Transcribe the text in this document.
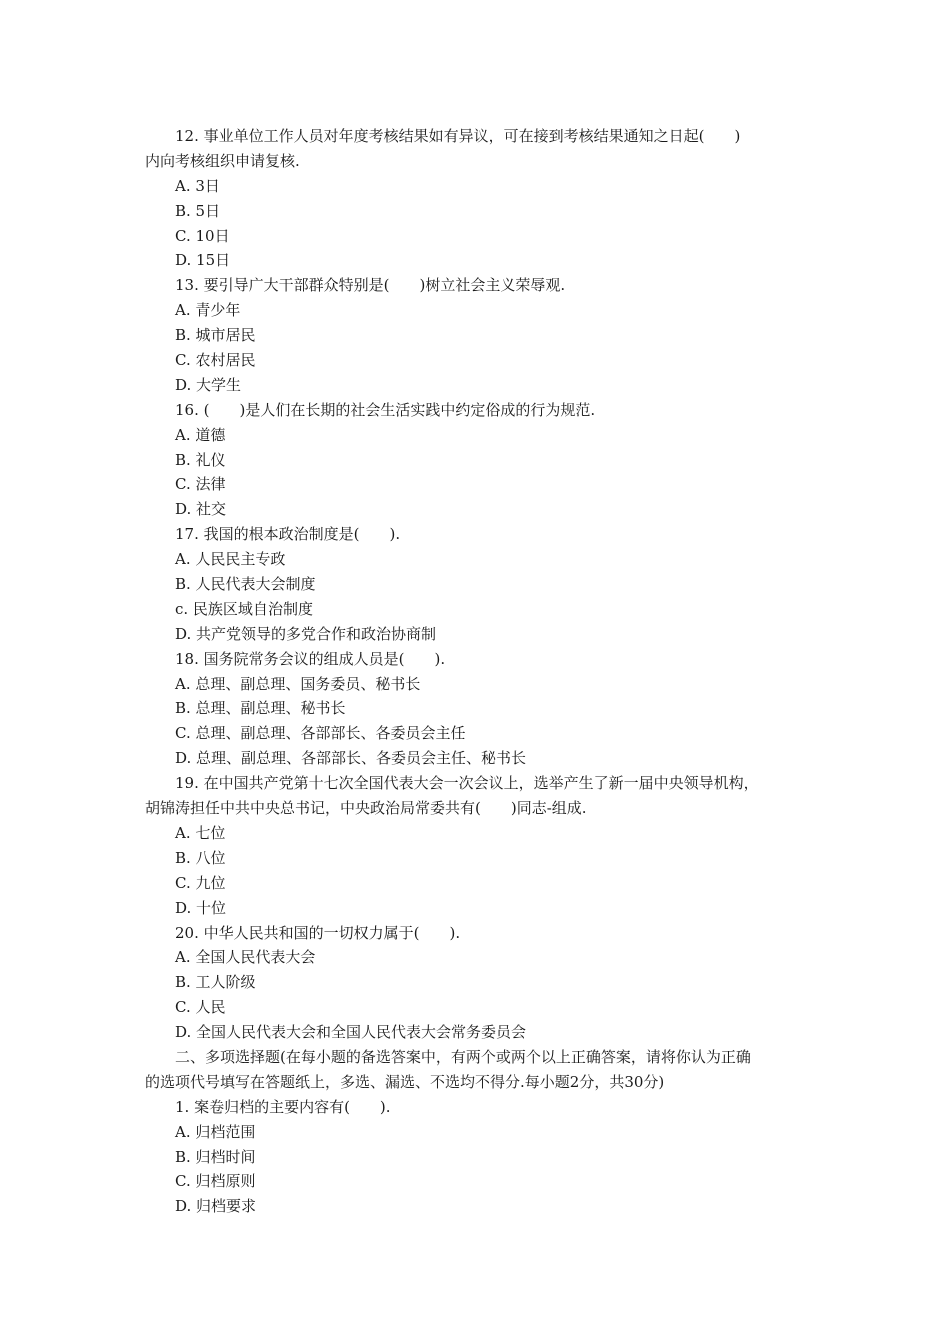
12. 事业单位工作人员对年度考核结果如有异议，可在接到考核结果通知之日起(　　)
内向考核组织申请复核.
A. 3日
B. 5日
C. 10日
D. 15日
13. 要引导广大干部群众特别是(　　)树立社会主义荣辱观.
A. 青少年
B. 城市居民
C. 农村居民
D. 大学生
16. (　　)是人们在长期的社会生活实践中约定俗成的行为规范.
A. 道德
B. 礼仪
C. 法律
D. 社交
17. 我国的根本政治制度是(　　).
A. 人民民主专政
B. 人民代表大会制度
c. 民族区域自治制度
D. 共产党领导的多党合作和政治协商制
18. 国务院常务会议的组成人员是(　　).
A. 总理、副总理、国务委员、秘书长
B. 总理、副总理、秘书长
C. 总理、副总理、各部部长、各委员会主任
D. 总理、副总理、各部部长、各委员会主任、秘书长
19. 在中国共产党第十七次全国代表大会一次会议上，选举产生了新一届中央领导机构，
胡锦涛担任中共中央总书记，中央政治局常委共有(　　)同志-组成.
A. 七位
B. 八位
C. 九位
D. 十位
20. 中华人民共和国的一切权力属于(　　).
A. 全国人民代表大会
B. 工人阶级
C. 人民
D. 全国人民代表大会和全国人民代表大会常务委员会
二、多项选择题(在每小题的备选答案中，有两个或两个以上正确答案，请将你认为正确
的选项代号填写在答题纸上，多选、漏选、不选均不得分.每小题2分，共30分)
1. 案卷归档的主要内容有(　　).
A. 归档范围
B. 归档时间
C. 归档原则
D. 归档要求
